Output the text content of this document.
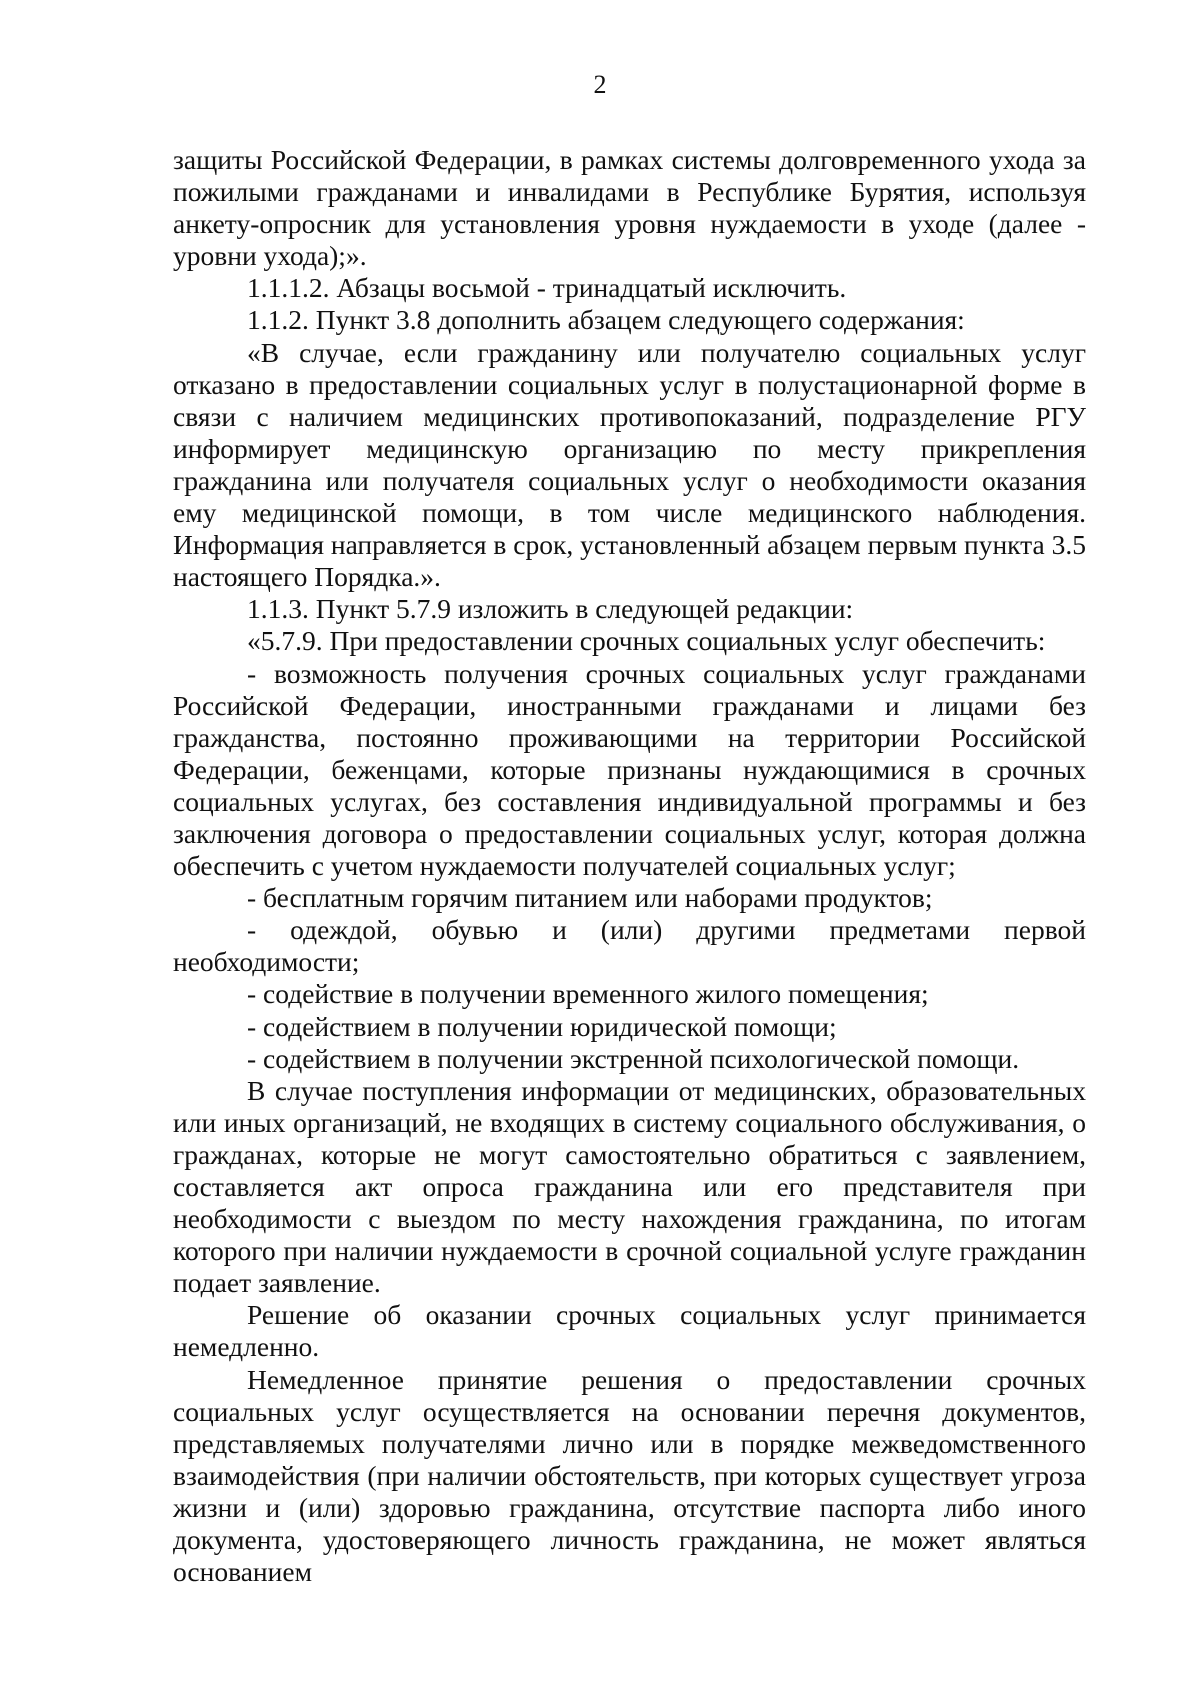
2

защиты Российской Федерации, в рамках системы долговременного ухода за пожилыми гражданами и инвалидами в Республике Бурятия, используя анкету-опросник для установления уровня нуждаемости в уходе (далее - уровни ухода);».

1.1.1.2. Абзацы восьмой - тринадцатый исключить.

1.1.2. Пункт 3.8 дополнить абзацем следующего содержания:

«В случае, если гражданину или получателю социальных услуг отказано в предоставлении социальных услуг в полустационарной форме в связи с наличием медицинских противопоказаний, подразделение РГУ информирует медицинскую организацию по месту прикрепления гражданина или получателя социальных услуг о необходимости оказания ему медицинской помощи, в том числе медицинского наблюдения. Информация направляется в срок, установленный абзацем первым пункта 3.5 настоящего Порядка.».

1.1.3. Пункт 5.7.9 изложить в следующей редакции:

«5.7.9. При предоставлении срочных социальных услуг обеспечить:

- возможность получения срочных социальных услуг гражданами Российской Федерации, иностранными гражданами и лицами без гражданства, постоянно проживающими на территории Российской Федерации, беженцами, которые признаны нуждающимися в срочных социальных услугах, без составления индивидуальной программы и без заключения договора о предоставлении социальных услуг, которая должна обеспечить с учетом нуждаемости получателей социальных услуг;

- бесплатным горячим питанием или наборами продуктов;

- одеждой, обувью и (или) другими предметами первой необходимости;

- содействие в получении временного жилого помещения;

- содействием в получении юридической помощи;

- содействием в получении экстренной психологической помощи.

В случае поступления информации от медицинских, образовательных или иных организаций, не входящих в систему социального обслуживания, о гражданах, которые не могут самостоятельно обратиться с заявлением, составляется акт опроса гражданина или его представителя при необходимости с выездом по месту нахождения гражданина, по итогам которого при наличии нуждаемости в срочной социальной услуге гражданин подает заявление.

Решение об оказании срочных социальных услуг принимается немедленно.

Немедленное принятие решения о предоставлении срочных социальных услуг осуществляется на основании перечня документов, представляемых получателями лично или в порядке межведомственного взаимодействия (при наличии обстоятельств, при которых существует угроза жизни и (или) здоровью гражданина, отсутствие паспорта либо иного документа, удостоверяющего личность гражданина, не может являться основанием
